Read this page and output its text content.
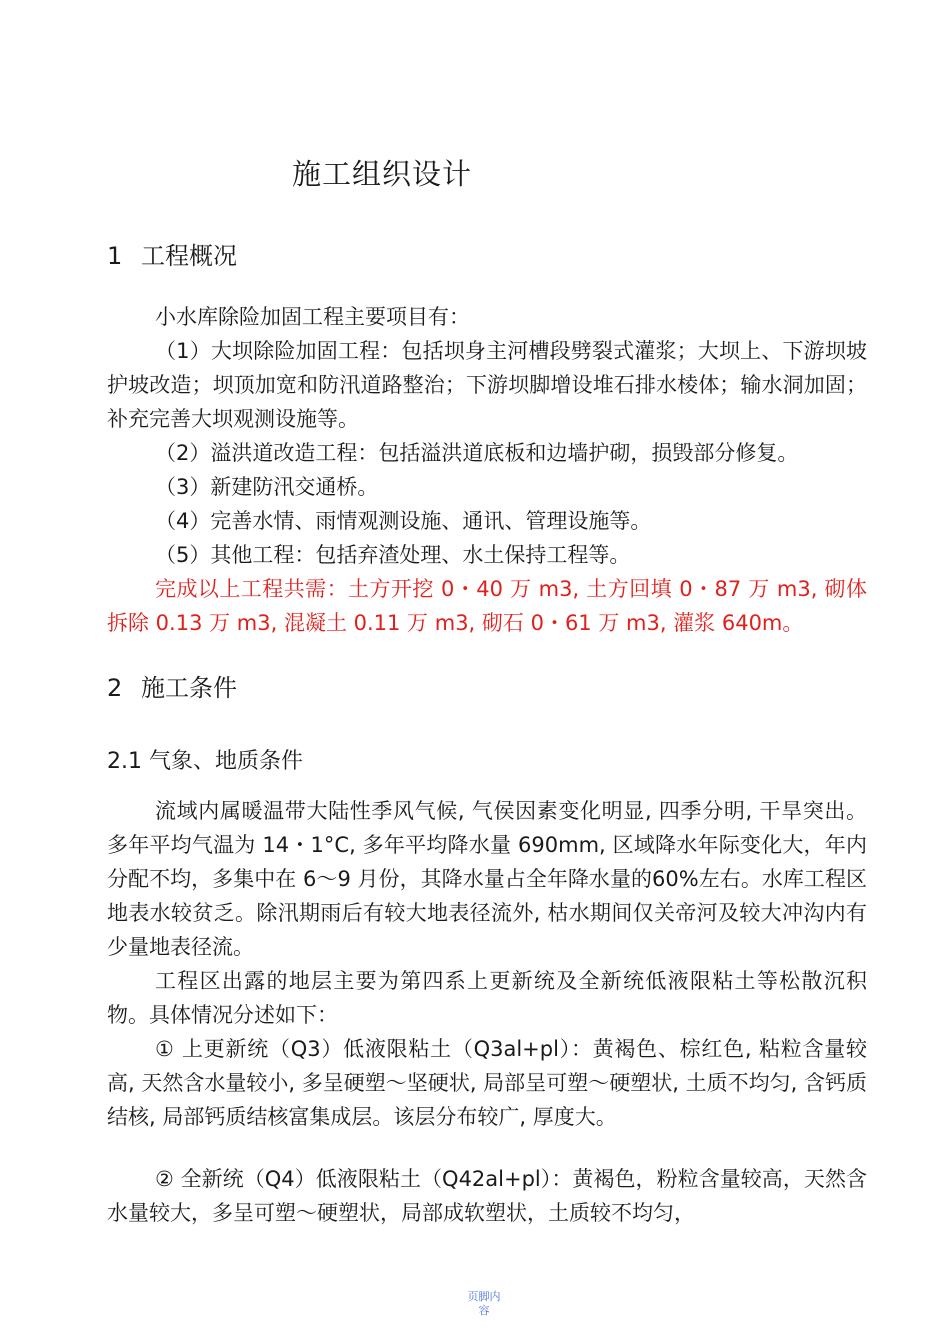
施工组织设计
1 工程概况
小水库除险加固工程主要项目有：
（1）大坝除险加固工程：包括坝身主河槽段劈裂式灌浆；大坝上、下游坝坡护坡改造；坝顶加宽和防汛道路整治；下游坝脚增设堆石排水棱体；输水洞加固；补充完善大坝观测设施等。
（2）溢洪道改造工程：包括溢洪道底板和边墙护砌，损毁部分修复。
（3）新建防汛交通桥。
（4）完善水情、雨情观测设施、通讯、管理设施等。
（5）其他工程：包括弃渣处理、水土保持工程等。
完成以上工程共需：土方开挖 0・40 万 m3, 土方回填 0・87 万 m3, 砌体拆除 0.13 万 m3, 混凝土 0.11 万 m3, 砌石 0・61 万 m3, 灌浆 640m。
2 施工条件
2.1 气象、地质条件
流域内属暖温带大陆性季风气候, 气侯因素变化明显, 四季分明, 干旱突出。多年平均气温为 14・1°C, 多年平均降水量 690mm, 区域降水年际变化大，年内分配不均，多集中在 6〜9 月份，其降水量占全年降水量的60%左右。水库工程区地表水较贫乏。除汛期雨后有较大地表径流外, 枯水期间仅关帝河及较大冲沟内有少量地表径流。
工程区出露的地层主要为第四系上更新统及全新统低液限粘土等松散沉积物。具体情况分述如下：
① 上更新统（Q3）低液限粘土（Q3al+pl）：黄褐色、棕红色, 粘粒含量较高, 天然含水量较小, 多呈硬塑〜坚硬状, 局部呈可塑〜硬塑状, 土质不均匀, 含钙质结核, 局部钙质结核富集成层。该层分布较广, 厚度大。
② 全新统（Q4）低液限粘土（Q42al+pl）：黄褐色，粉粒含量较高，天然含水量较大，多呈可塑〜硬塑状，局部成软塑状，土质较不均匀，
页脚内
容
